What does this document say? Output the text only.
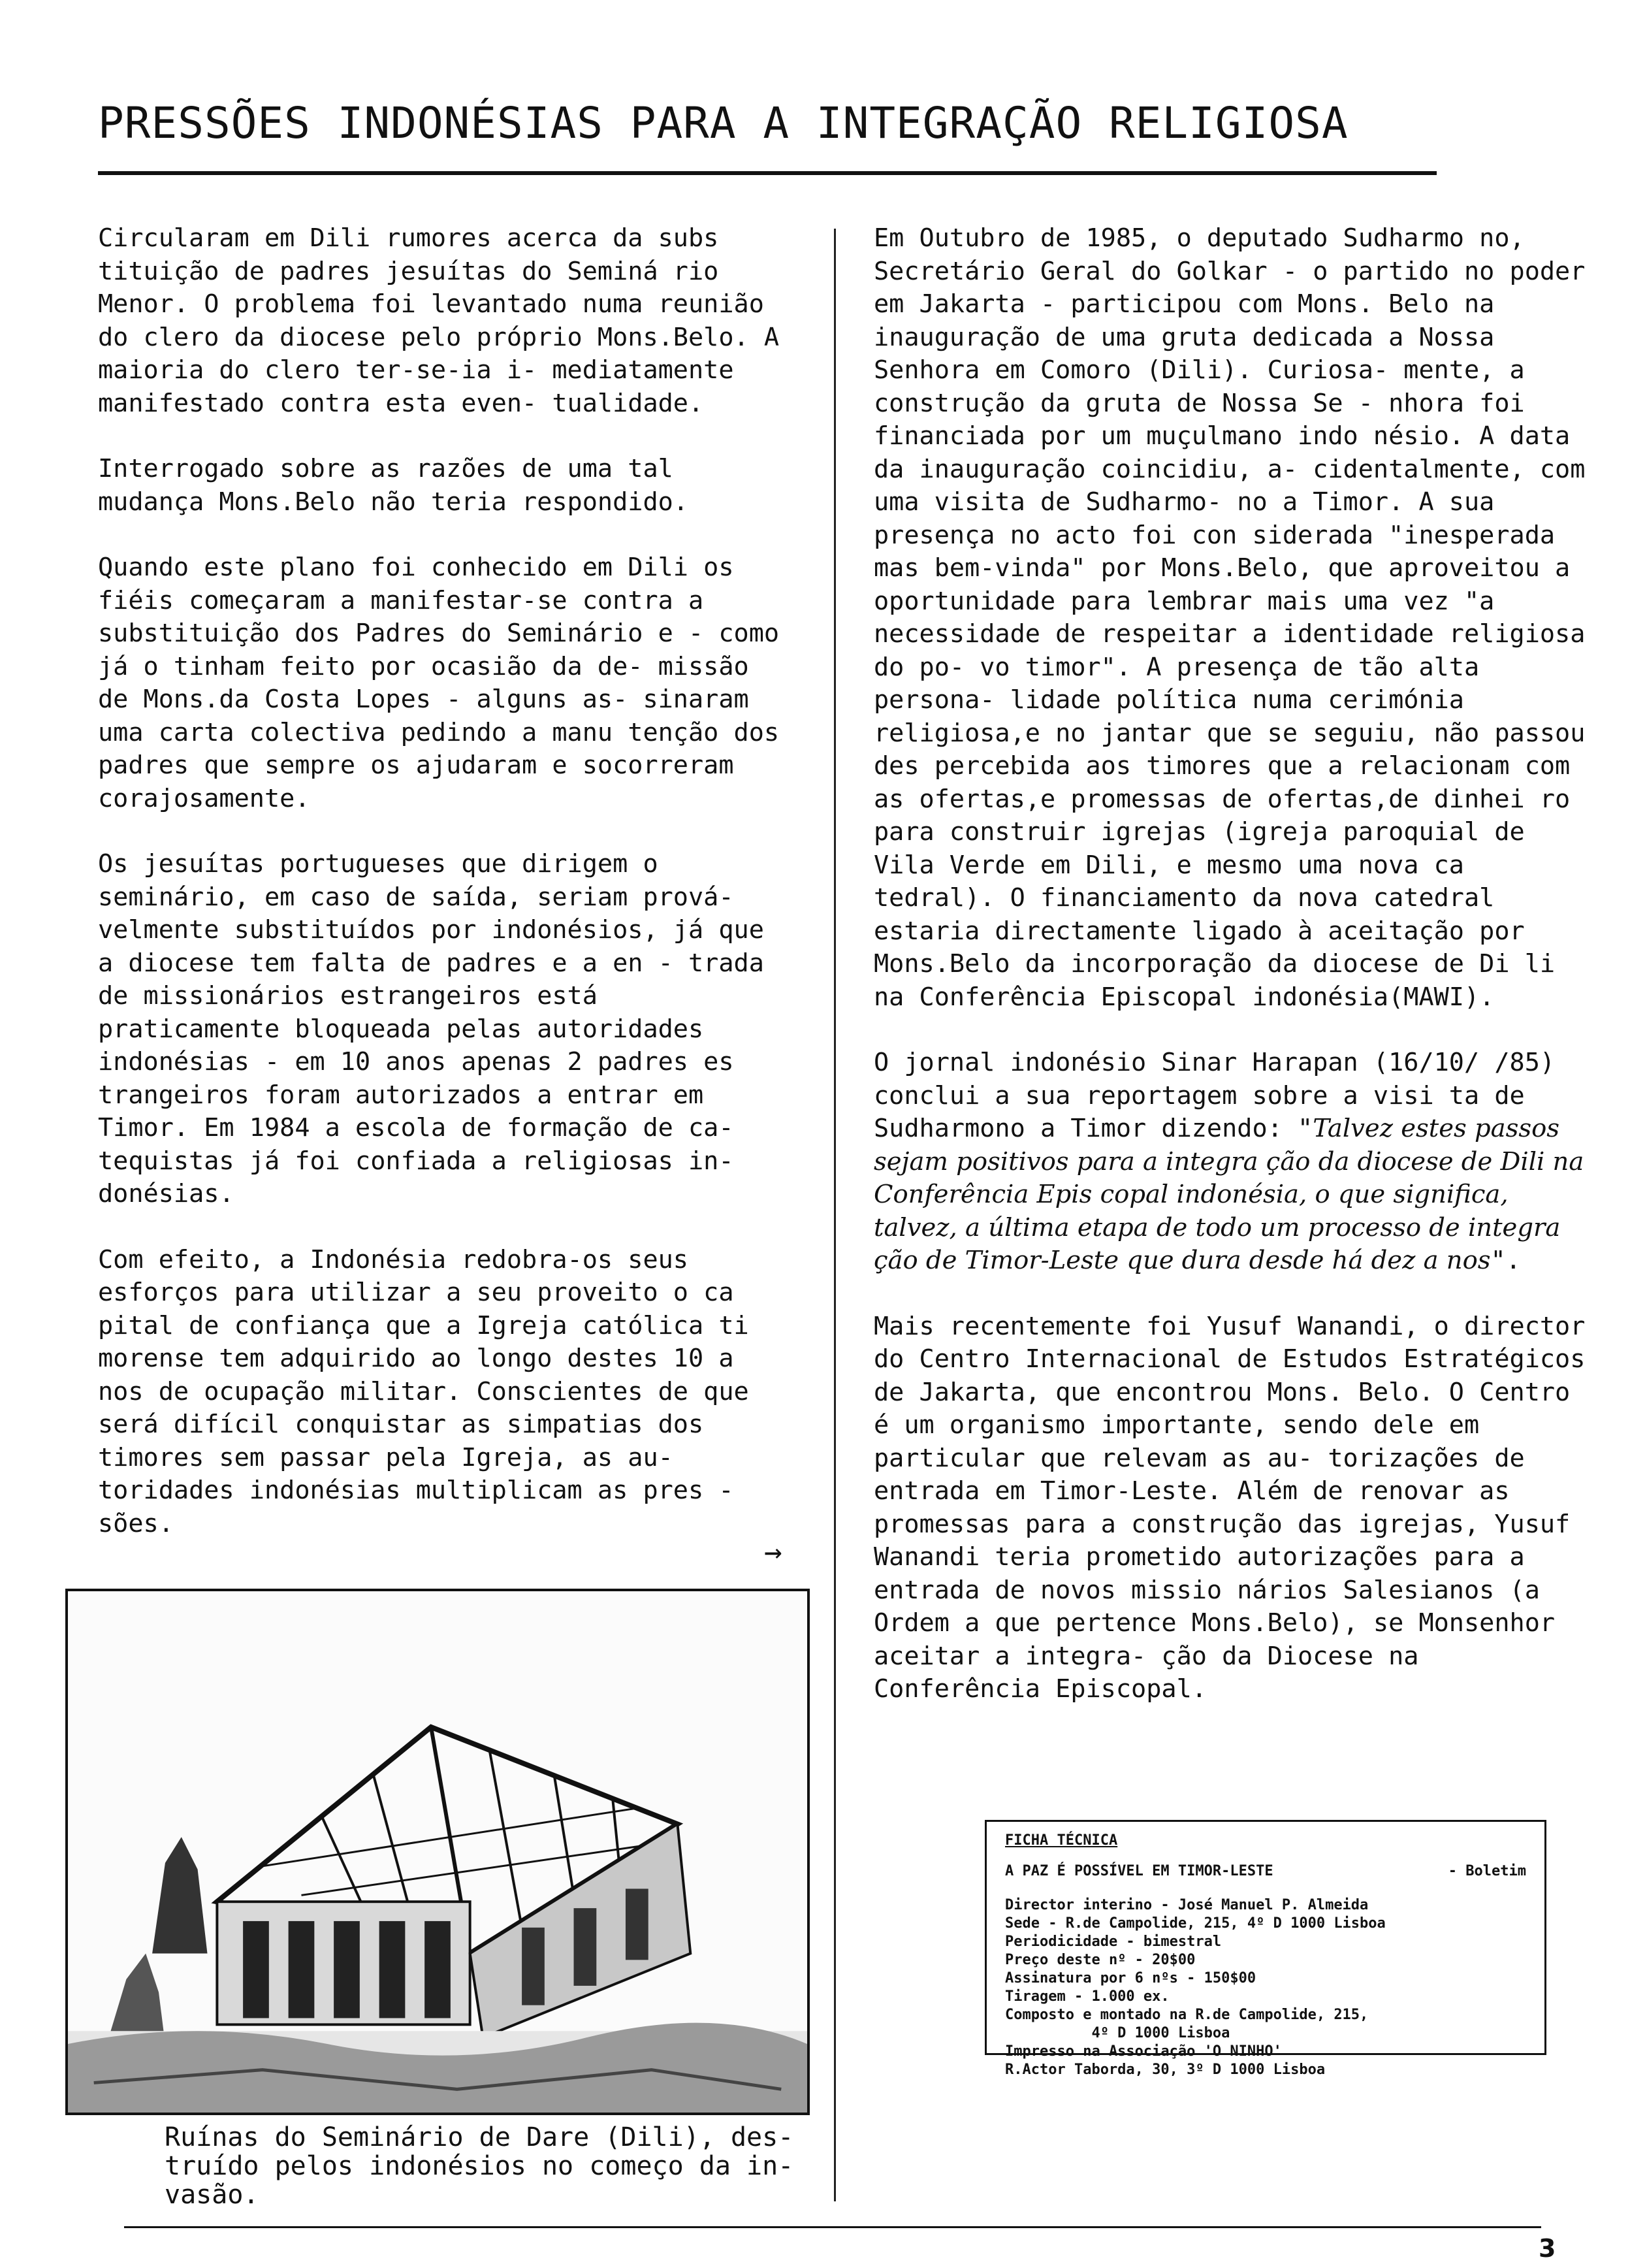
PRESSÕES INDONÉSIAS PARA A INTEGRAÇÃO RELIGIOSA

Circularam em Dili rumores acerca da subs tituição de padres jesuítas do Seminá rio Menor. O problema foi levantado numa reunião do clero da diocese pelo próprio Mons.Belo. A maioria do clero ter-se-ia i- mediatamente manifestado contra esta even- tualidade.

Interrogado sobre as razões de uma tal mudança Mons.Belo não teria respondido.

Quando este plano foi conhecido em Dili os fiéis começaram a manifestar-se contra a substituição dos Padres do Seminário e - como já o tinham feito por ocasião da de- missão de Mons.da Costa Lopes - alguns as- sinaram uma carta colectiva pedindo a manu tenção dos padres que sempre os ajudaram e socorreram corajosamente.

Os jesuítas portugueses que dirigem o seminário, em caso de saída, seriam prová- velmente substituídos por indonésios, já que a diocese tem falta de padres e a en - trada de missionários estrangeiros está praticamente bloqueada pelas autoridades indonésias - em 10 anos apenas 2 padres es trangeiros foram autorizados a entrar em Timor. Em 1984 a escola de formação de ca- tequistas já foi confiada a religiosas in- donésias.

Com efeito, a Indonésia redobra-os seus esforços para utilizar a seu proveito o ca pital de confiança que a Igreja católica ti morense tem adquirido ao longo destes 10 a nos de ocupação militar. Conscientes de que será difícil conquistar as simpatias dos timores sem passar pela Igreja, as au- toridades indonésias multiplicam as pres - sões.

→

Em Outubro de 1985, o deputado Sudharmo no, Secretário Geral do Golkar - o partido no poder em Jakarta - participou com Mons. Belo na inauguração de uma gruta dedicada a Nossa Senhora em Comoro (Dili). Curiosa- mente, a construção da gruta de Nossa Se - nhora foi financiada por um muçulmano indo nésio. A data da inauguração coincidiu, a- cidentalmente, com uma visita de Sudharmo- no a Timor. A sua presença no acto foi con siderada "inesperada mas bem-vinda" por Mons.Belo, que aproveitou a oportunidade para lembrar mais uma vez "a necessidade de respeitar a identidade religiosa do po- vo timor". A presença de tão alta persona- lidade política numa cerimónia religiosa,e no jantar que se seguiu, não passou des percebida aos timores que a relacionam com as ofertas,e promessas de ofertas,de dinhei ro para construir igrejas (igreja paroquial de Vila Verde em Dili, e mesmo uma nova ca tedral). O financiamento da nova catedral estaria directamente ligado à aceitação por Mons.Belo da incorporação da diocese de Di li na Conferência Episcopal indonésia(MAWI).

O jornal indonésio Sinar Harapan (16/10/ /85) conclui a sua reportagem sobre a visi ta de Sudharmono a Timor dizendo: "Talvez estes passos sejam positivos para a integra ção da diocese de Dili na Conferência Epis copal indonésia, o que significa, talvez, a última etapa de todo um processo de integra ção de Timor-Leste que dura desde há dez a nos".

Mais recentemente foi Yusuf Wanandi, o director do Centro Internacional de Estudos Estratégicos de Jakarta, que encontrou Mons. Belo. O Centro é um organismo importante, sendo dele em particular que relevam as au- torizações de entrada em Timor-Leste. Além de renovar as promessas para a construção das igrejas, Yusuf Wanandi teria prometido autorizações para a entrada de novos missio nários Salesianos (a Ordem a que pertence Mons.Belo), se Monsenhor aceitar a integra- ção da Diocese na Conferência Episcopal.

Ruínas do Seminário de Dare (Dili), des- truído pelos indonésios no começo da in- vasão.
FICHA TÉCNICA
A PAZ É POSSÍVEL EM TIMOR-LESTE	- Boletim
Director interino - José Manuel P. Almeida
Sede - R.de Campolide, 215, 4º D 1000 Lisboa
Periodicidade - bimestral
Preço deste nº - 20$00
Assinatura por 6 nºs - 150$00
Tiragem - 1.000 ex.
Composto e montado na R.de Campolide, 215,
4º D 1000 Lisboa
Impresso na Associação 'O NINHO'
R.Actor Taborda, 30, 3º D 1000 Lisboa
3
